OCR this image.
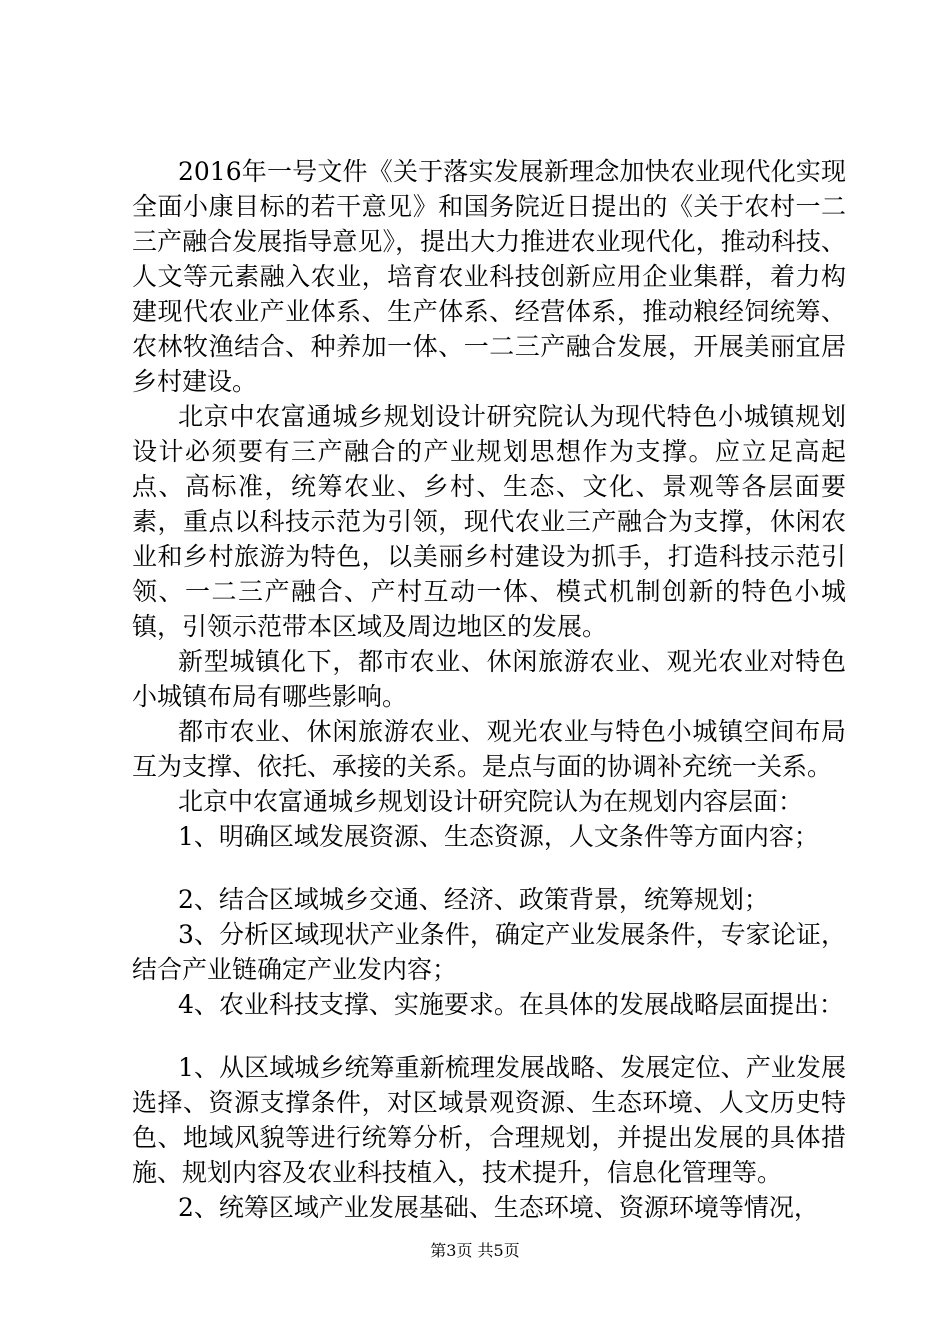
2016年一号文件《关于落实发展新理念加快农业现代化实现全面小康目标的若干意见》和国务院近日提出的《关于农村一二三产融合发展指导意见》，提出大力推进农业现代化，推动科技、人文等元素融入农业，培育农业科技创新应用企业集群，着力构建现代农业产业体系、生产体系、经营体系，推动粮经饲统筹、农林牧渔结合、种养加一体、一二三产融合发展，开展美丽宜居乡村建设。

北京中农富通城乡规划设计研究院认为现代特色小城镇规划设计必须要有三产融合的产业规划思想作为支撑。应立足高起点、高标准，统筹农业、乡村、生态、文化、景观等各层面要素，重点以科技示范为引领，现代农业三产融合为支撑，休闲农业和乡村旅游为特色，以美丽乡村建设为抓手，打造科技示范引领、一二三产融合、产村互动一体、模式机制创新的特色小城镇，引领示范带本区域及周边地区的发展。

新型城镇化下，都市农业、休闲旅游农业、观光农业对特色小城镇布局有哪些影响。

都市农业、休闲旅游农业、观光农业与特色小城镇空间布局互为支撑、依托、承接的关系。是点与面的协调补充统一关系。

北京中农富通城乡规划设计研究院认为在规划内容层面：

1、明确区域发展资源、生态资源，人文条件等方面内容；

2、结合区域城乡交通、经济、政策背景，统筹规划；

3、分析区域现状产业条件，确定产业发展条件，专家论证，结合产业链确定产业发内容；

4、农业科技支撑、实施要求。在具体的发展战略层面提出：

1、从区域城乡统筹重新梳理发展战略、发展定位、产业发展选择、资源支撑条件，对区域景观资源、生态环境、人文历史特色、地域风貌等进行统筹分析，合理规划，并提出发展的具体措施、规划内容及农业科技植入，技术提升，信息化管理等。

2、统筹区域产业发展基础、生态环境、资源环境等情况，

第3页 共5页
